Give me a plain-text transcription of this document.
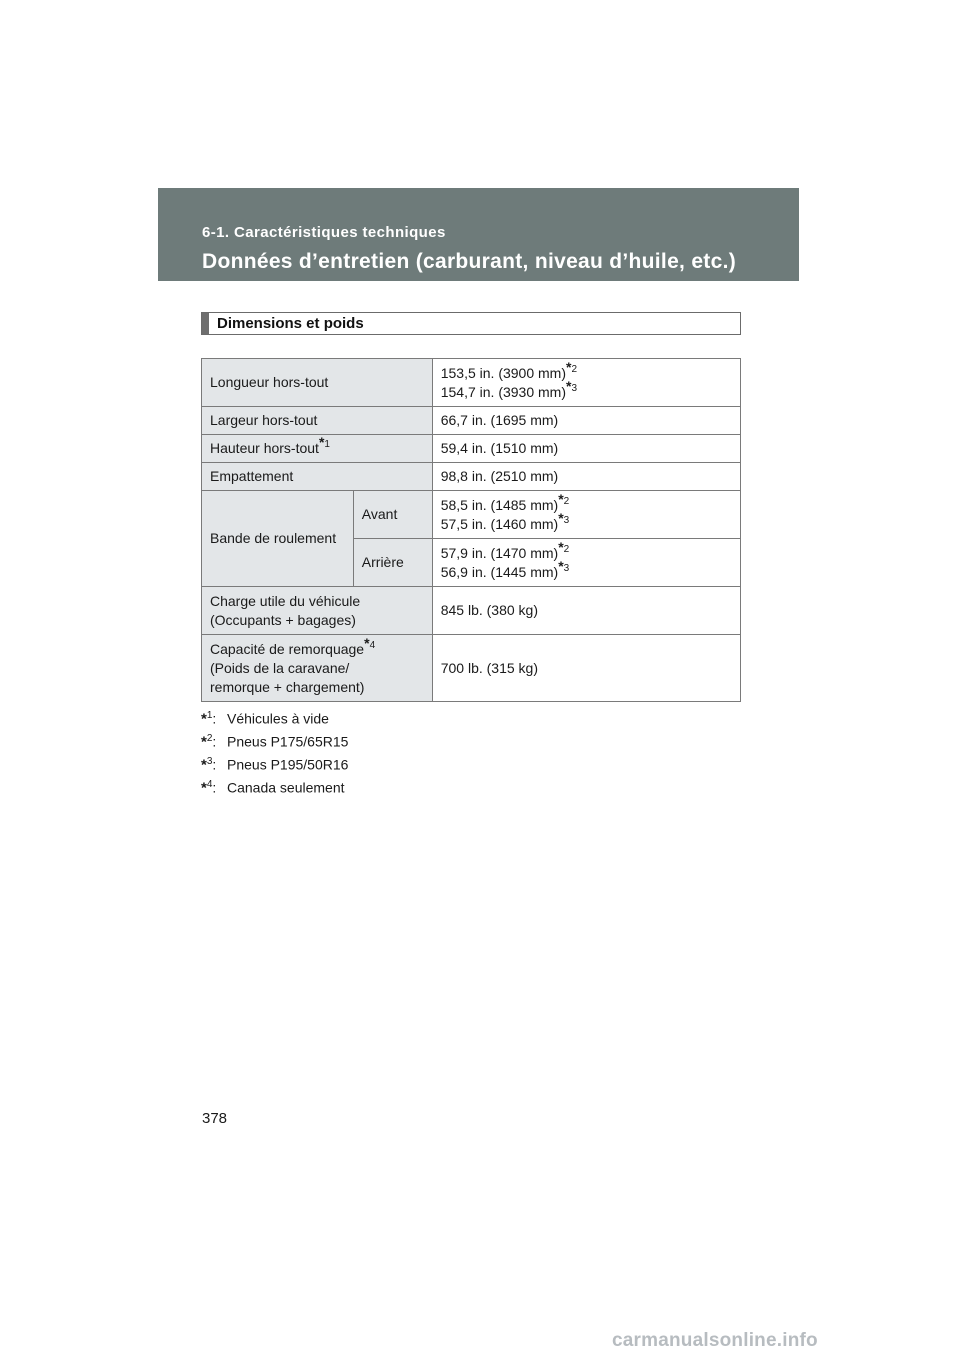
6-1. Caractéristiques techniques
Données d’entretien (carburant, niveau d’huile, etc.)
Dimensions et poids
Longueur hors-tout		153,5 in. (3900 mm)$^{*2}$
154,7 in. (3930 mm)$^{*3}$
Largeur hors-tout		66,7 in. (1695 mm)
Hauteur hors-tout$^{*1}$		59,4 in. (1510 mm)
Empattement		98,8 in. (2510 mm)
Bande de roulement	Avant	58,5 in. (1485 mm)$^{*2}$
57,5 in. (1460 mm)$^{*3}$
	Arrière	57,9 in. (1470 mm)$^{*2}$
56,9 in. (1445 mm)$^{*3}$
Charge utile du véhicule
(Occupants + bagages)		845 lb. (380 kg)
Capacité de remorquage$^{*4}$
(Poids de la caravane/
remorque + chargement)		700 lb. (315 kg)
*$^1$: Véhicules à vide
*$^2$: Pneus P175/65R15
*$^3$: Pneus P195/50R16
*$^4$: Canada seulement
378
carmanualsonline.info
